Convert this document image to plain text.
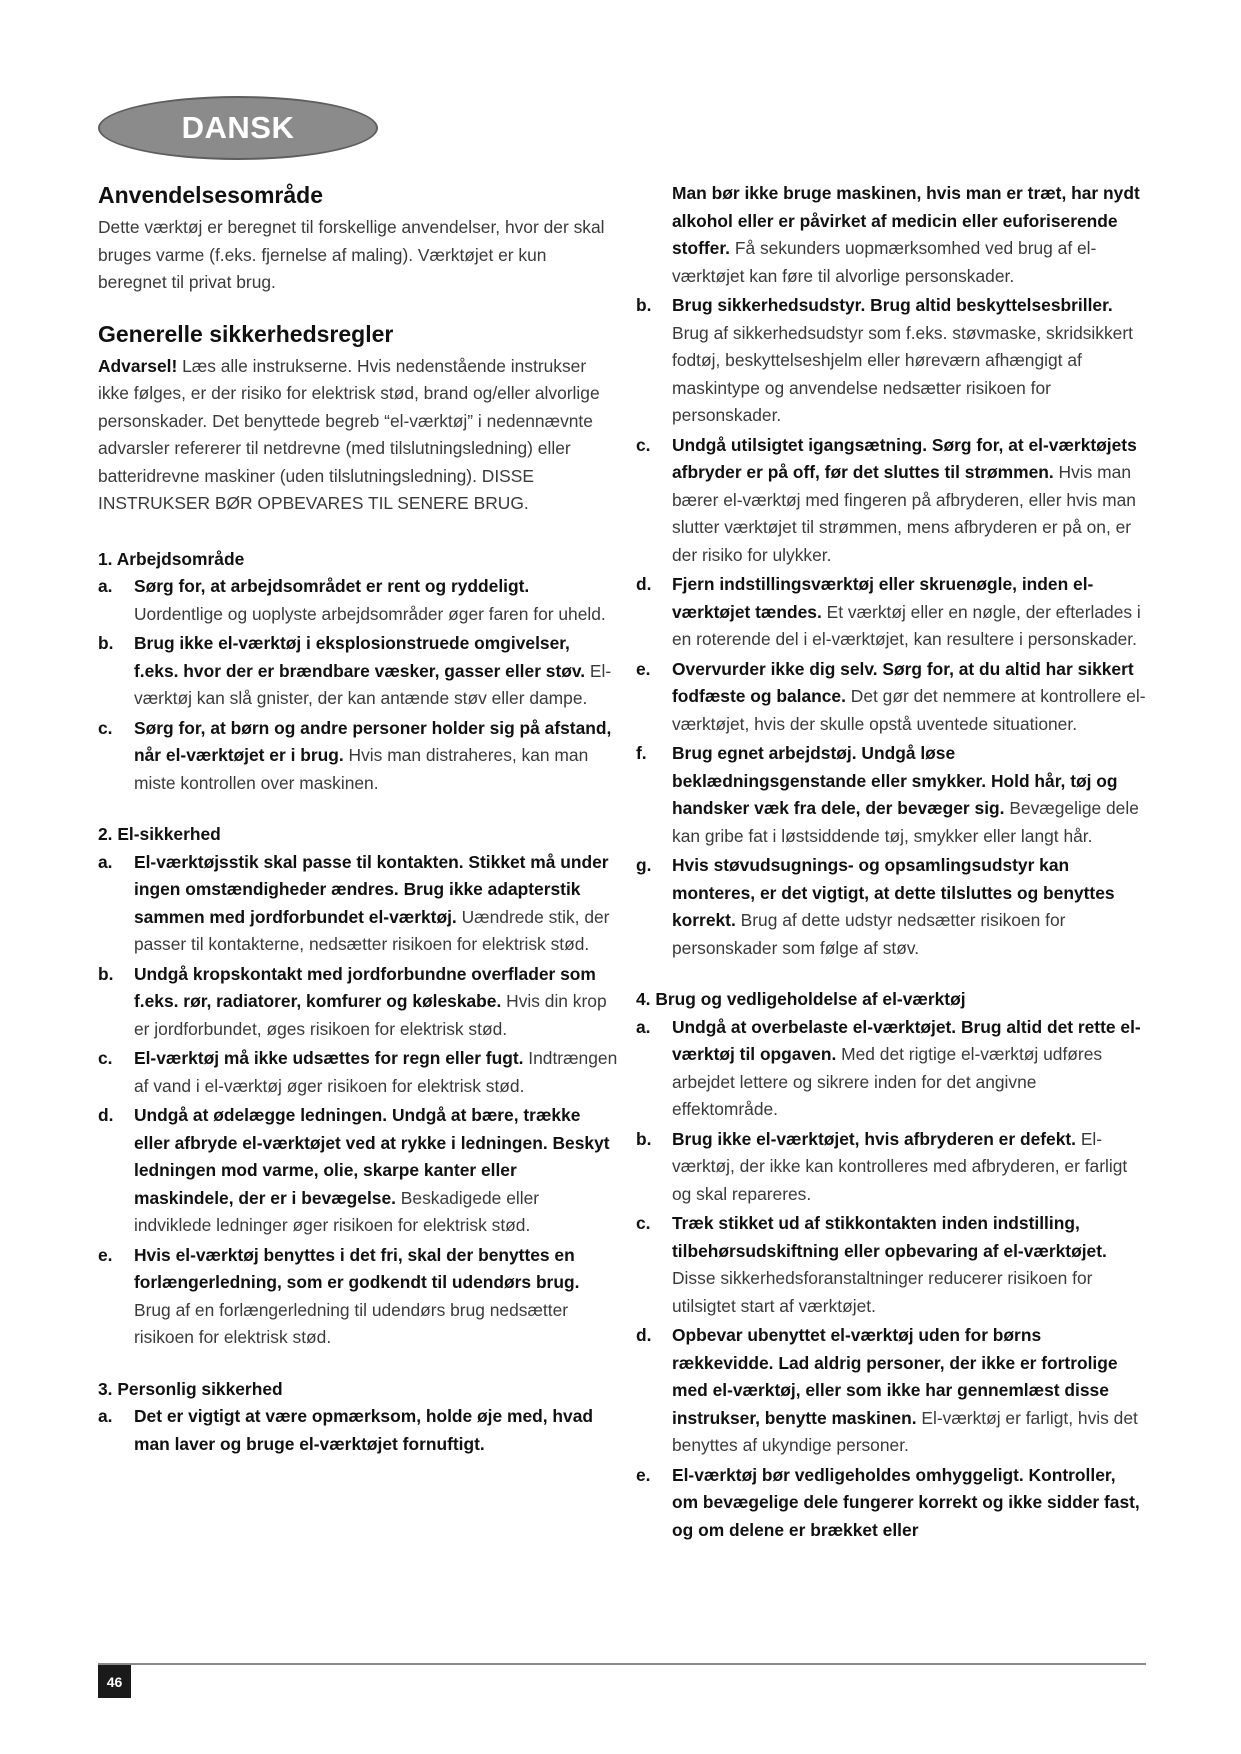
DANSK
Anvendelsesområde

Dette værktøj er beregnet til forskellige anvendelser, hvor der skal bruges varme (f.eks. fjernelse af maling). Værktøjet er kun beregnet til privat brug.

Generelle sikkerhedsregler

Advarsel! Læs alle instrukserne. Hvis nedenstående instrukser ikke følges, er der risiko for elektrisk stød, brand og/eller alvorlige personskader. Det benyttede begreb “el-værktøj” i nedennævnte advarsler refererer til netdrevne (med tilslutningsledning) eller batteridrevne maskiner (uden tilslutningsledning). DISSE INSTRUKSER BØR OPBEVARES TIL SENERE BRUG.

1. Arbejdsområde

a. Sørg for, at arbejdsområdet er rent og ryddeligt. Uordentlige og uoplyste arbejdsområder øger faren for uheld.
b. Brug ikke el-værktøj i eksplosionstruede omgivelser, f.eks. hvor der er brændbare væsker, gasser eller støv. El-værktøj kan slå gnister, der kan antænde støv eller dampe.
c. Sørg for, at børn og andre personer holder sig på afstand, når el-værktøjet er i brug. Hvis man distraheres, kan man miste kontrollen over maskinen.

2. El-sikkerhed

a. El-værktøjsstik skal passe til kontakten. Stikket må under ingen omstændigheder ændres. Brug ikke adapterstik sammen med jordforbundet el-værktøj. Uændrede stik, der passer til kontakterne, nedsætter risikoen for elektrisk stød.
b. Undgå kropskontakt med jordforbundne overflader som f.eks. rør, radiatorer, komfurer og køleskabe. Hvis din krop er jordforbundet, øges risikoen for elektrisk stød.
c. El-værktøj må ikke udsættes for regn eller fugt. Indtrængen af vand i el-værktøj øger risikoen for elektrisk stød.
d. Undgå at ødelægge ledningen. Undgå at bære, trække eller afbryde el-værktøjet ved at rykke i ledningen. Beskyt ledningen mod varme, olie, skarpe kanter eller maskindele, der er i bevægelse. Beskadigede eller indviklede ledninger øger risikoen for elektrisk stød.
e. Hvis el-værktøj benyttes i det fri, skal der benyttes en forlængerledning, som er godkendt til udendørs brug. Brug af en forlængerledning til udendørs brug nedsætter risikoen for elektrisk stød.

3. Personlig sikkerhed

a. Det er vigtigt at være opmærksom, holde øje med, hvad man laver og bruge el-værktøjet fornuftigt.
Man bør ikke bruge maskinen, hvis man er træt, har nydt alkohol eller er påvirket af medicin eller euforiserende stoffer. Få sekunders uopmærksomhed ved brug af el-værktøjet kan føre til alvorlige personskader.
b. Brug sikkerhedsudstyr. Brug altid beskyttelsesbriller. Brug af sikkerhedsudstyr som f.eks. støvmaske, skridsikkert fodtøj, beskyttelseshjelm eller høreværn afhængigt af maskintype og anvendelse nedsætter risikoen for personskader.
c. Undgå utilsigtet igangsætning. Sørg for, at el-værktøjets afbryder er på off, før det sluttes til strømmen. Hvis man bærer el-værktøj med fingeren på afbryderen, eller hvis man slutter værktøjet til strømmen, mens afbryderen er på on, er der risiko for ulykker.
d. Fjern indstillingsværktøj eller skruenøgle, inden el-værktøjet tændes. Et værktøj eller en nøgle, der efterlades i en roterende del i el-værktøjet, kan resultere i personskader.
e. Overvurder ikke dig selv. Sørg for, at du altid har sikkert fodfæste og balance. Det gør det nemmere at kontrollere el-værktøjet, hvis der skulle opstå uventede situationer.
f. Brug egnet arbejdstøj. Undgå løse beklædningsgenstande eller smykker. Hold hår, tøj og handsker væk fra dele, der bevæger sig. Bevægelige dele kan gribe fat i løstsiddende tøj, smykker eller langt hår.
g. Hvis støvudsugnings- og opsamlingsudstyr kan monteres, er det vigtigt, at dette tilsluttes og benyttes korrekt. Brug af dette udstyr nedsætter risikoen for personskader som følge af støv.

4. Brug og vedligeholdelse af el-værktøj

a. Undgå at overbelaste el-værktøjet. Brug altid det rette el-værktøj til opgaven. Med det rigtige el-værktøj udføres arbejdet lettere og sikrere inden for det angivne effektområde.
b. Brug ikke el-værktøjet, hvis afbryderen er defekt. El-værktøj, der ikke kan kontrolleres med afbryderen, er farligt og skal repareres.
c. Træk stikket ud af stikkontakten inden indstilling, tilbehørsudskiftning eller opbevaring af el-værktøjet. Disse sikkerhedsforanstaltninger reducerer risikoen for utilsigtet start af værktøjet.
d. Opbevar ubenyttet el-værktøj uden for børns rækkevidde. Lad aldrig personer, der ikke er fortrolige med el-værktøj, eller som ikke har gennemlæst disse instrukser, benytte maskinen. El-værktøj er farligt, hvis det benyttes af ukyndige personer.
e. El-værktøj bør vedligeholdes omhyggeligt. Kontroller, om bevægelige dele fungerer korrekt og ikke sidder fast, og om delene er brækket eller
46
